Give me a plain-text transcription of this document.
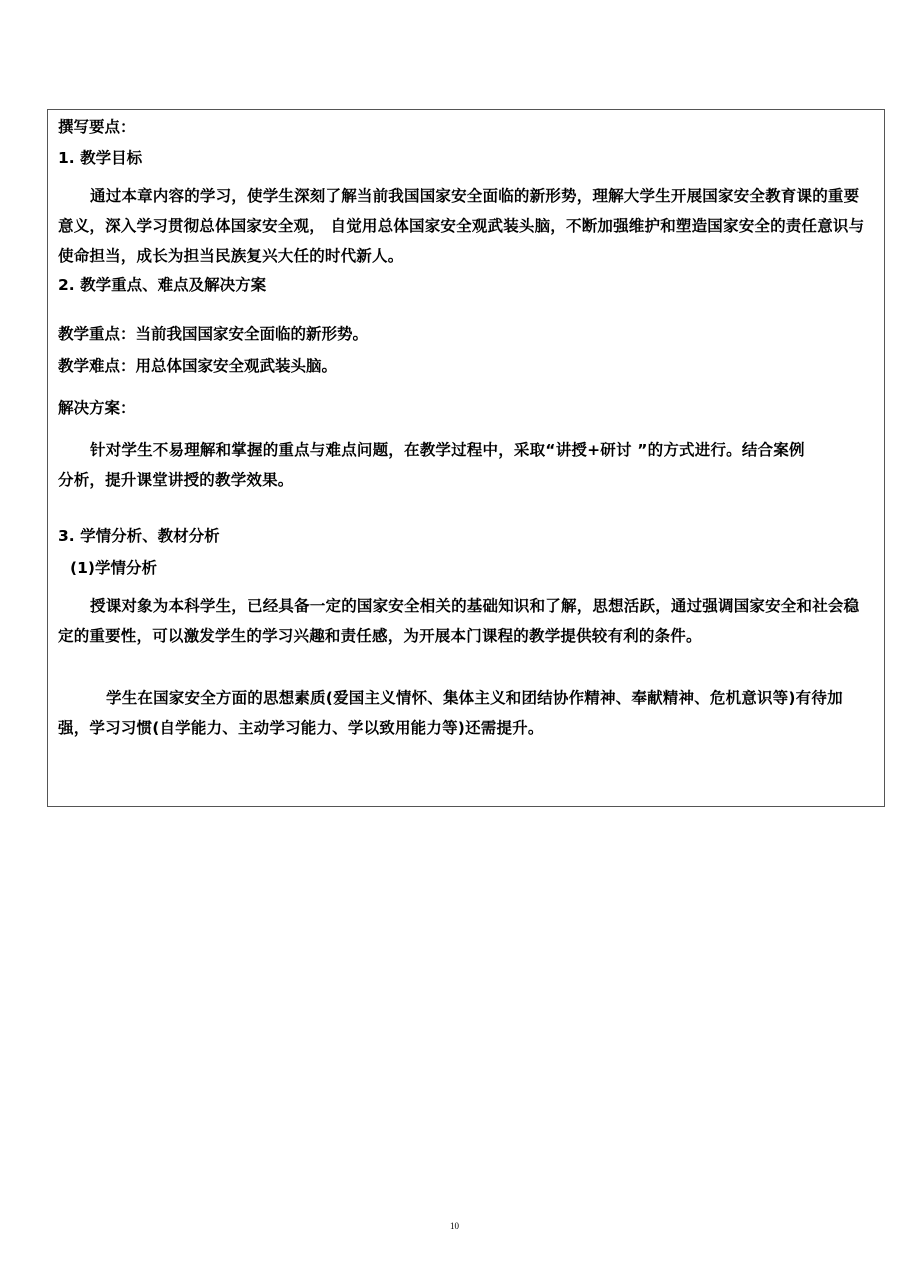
撰写要点：

1. 教学目标

通过本章内容的学习，使学生深刻了解当前我国国家安全面临的新形势，理解大学生开展国家安全教育课的重要意义，深入学习贯彻总体国家安全观， 自觉用总体国家安全观武装头脑，不断加强维护和塑造国家安全的责任意识与使命担当，成长为担当民族复兴大任的时代新人。

2. 教学重点、难点及解决方案

教学重点：当前我国国家安全面临的新形势。

教学难点：用总体国家安全观武装头脑。

解决方案：

针对学生不易理解和掌握的重点与难点问题，在教学过程中，采取“讲授+研讨 ”的方式进行。结合案例分析，提升课堂讲授的教学效果。

3. 学情分析、教材分析

(1)学情分析

授课对象为本科学生，已经具备一定的国家安全相关的基础知识和了解，思想活跃，通过强调国家安全和社会稳定的重要性，可以激发学生的学习兴趣和责任感，为开展本门课程的教学提供较有利的条件。

学生在国家安全方面的思想素质(爱国主义情怀、集体主义和团结协作精神、奉献精神、危机意识等)有待加强，学习习惯(自学能力、主动学习能力、学以致用能力等)还需提升。

10
